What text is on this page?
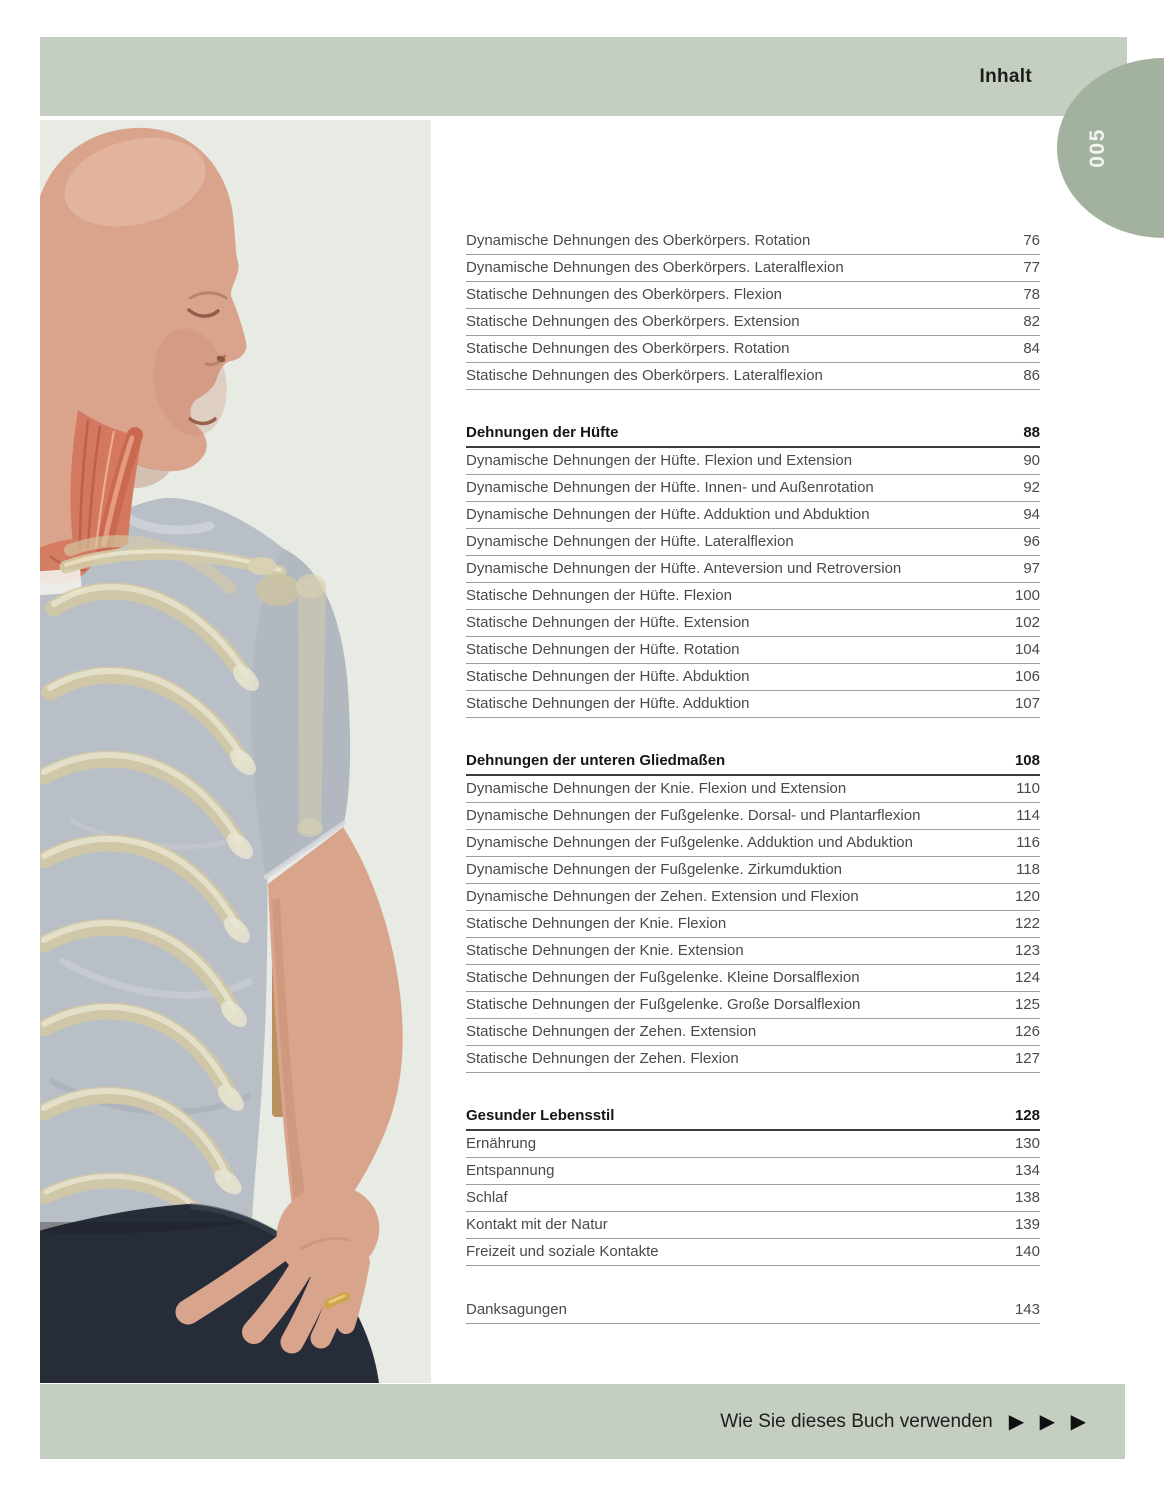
Inhalt
005
Dynamische Dehnungen des Oberkörpers. Rotation	76
Dynamische Dehnungen des Oberkörpers. Lateralflexion	77
Statische Dehnungen des Oberkörpers. Flexion	78
Statische Dehnungen des Oberkörpers. Extension	82
Statische Dehnungen des Oberkörpers. Rotation	84
Statische Dehnungen des Oberkörpers. Lateralflexion	86
Dehnungen der Hüfte	88
Dynamische Dehnungen der Hüfte. Flexion und Extension	90
Dynamische Dehnungen der Hüfte. Innen- und Außenrotation	92
Dynamische Dehnungen der Hüfte. Adduktion und Abduktion	94
Dynamische Dehnungen der Hüfte. Lateralflexion	96
Dynamische Dehnungen der Hüfte. Anteversion und Retroversion	97
Statische Dehnungen der Hüfte. Flexion	100
Statische Dehnungen der Hüfte. Extension	102
Statische Dehnungen der Hüfte. Rotation	104
Statische Dehnungen der Hüfte. Abduktion	106
Statische Dehnungen der Hüfte. Adduktion	107
Dehnungen der unteren Gliedmaßen	108
Dynamische Dehnungen der Knie. Flexion und Extension	110
Dynamische Dehnungen der Fußgelenke. Dorsal- und Plantarflexion	114
Dynamische Dehnungen der Fußgelenke. Adduktion und Abduktion	116
Dynamische Dehnungen der Fußgelenke. Zirkumduktion	118
Dynamische Dehnungen der Zehen. Extension und Flexion	120
Statische Dehnungen der Knie. Flexion	122
Statische Dehnungen der Knie. Extension	123
Statische Dehnungen der Fußgelenke. Kleine Dorsalflexion	124
Statische Dehnungen der Fußgelenke. Große Dorsalflexion	125
Statische Dehnungen der Zehen. Extension	126
Statische Dehnungen der Zehen. Flexion	127
Gesunder Lebensstil	128
Ernährung	130
Entspannung	134
Schlaf	138
Kontakt mit der Natur	139
Freizeit und soziale Kontakte	140
Danksagungen	143
Wie Sie dieses Buch verwenden ▶ ▶ ▶
